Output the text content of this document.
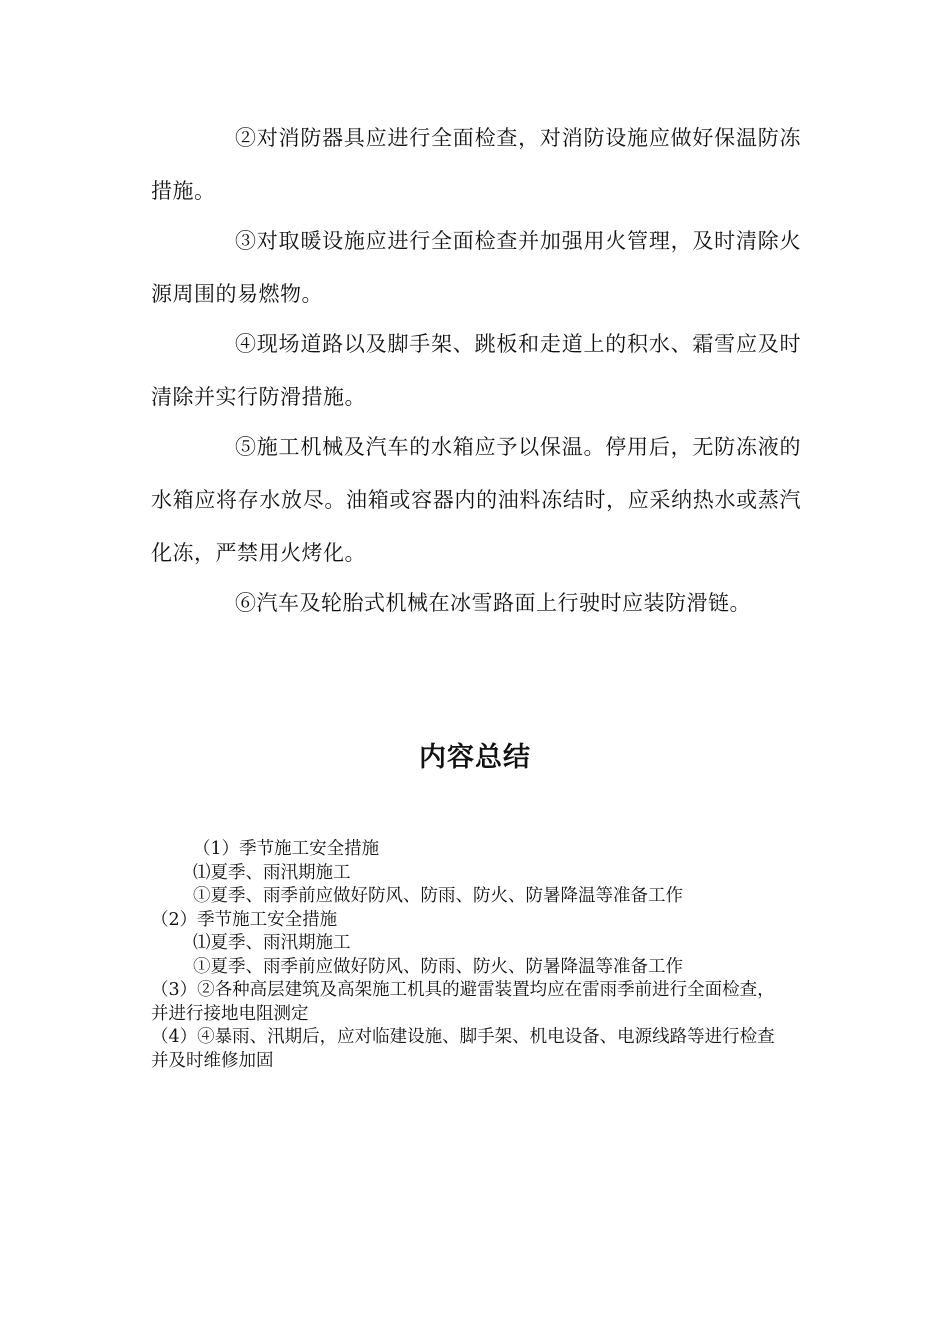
②对消防器具应进行全面检查，对消防设施应做好保温防冻措施。

③对取暖设施应进行全面检查并加强用火管理，及时清除火源周围的易燃物。

④现场道路以及脚手架、跳板和走道上的积水、霜雪应及时清除并实行防滑措施。

⑤施工机械及汽车的水箱应予以保温。停用后，无防冻液的水箱应将存水放尽。油箱或容器内的油料冻结时，应采纳热水或蒸汽化冻，严禁用火烤化。

⑥汽车及轮胎式机械在冰雪路面上行驶时应装防滑链。

内容总结

（1）季节施工安全措施

⑴夏季、雨汛期施工

①夏季、雨季前应做好防风、防雨、防火、防暑降温等准备工作

（2）季节施工安全措施

⑴夏季、雨汛期施工

①夏季、雨季前应做好防风、防雨、防火、防暑降温等准备工作

（3）②各种高层建筑及高架施工机具的避雷装置均应在雷雨季前进行全面检查，并进行接地电阻测定

（4）④暴雨、汛期后，应对临建设施、脚手架、机电设备、电源线路等进行检查并及时维修加固
